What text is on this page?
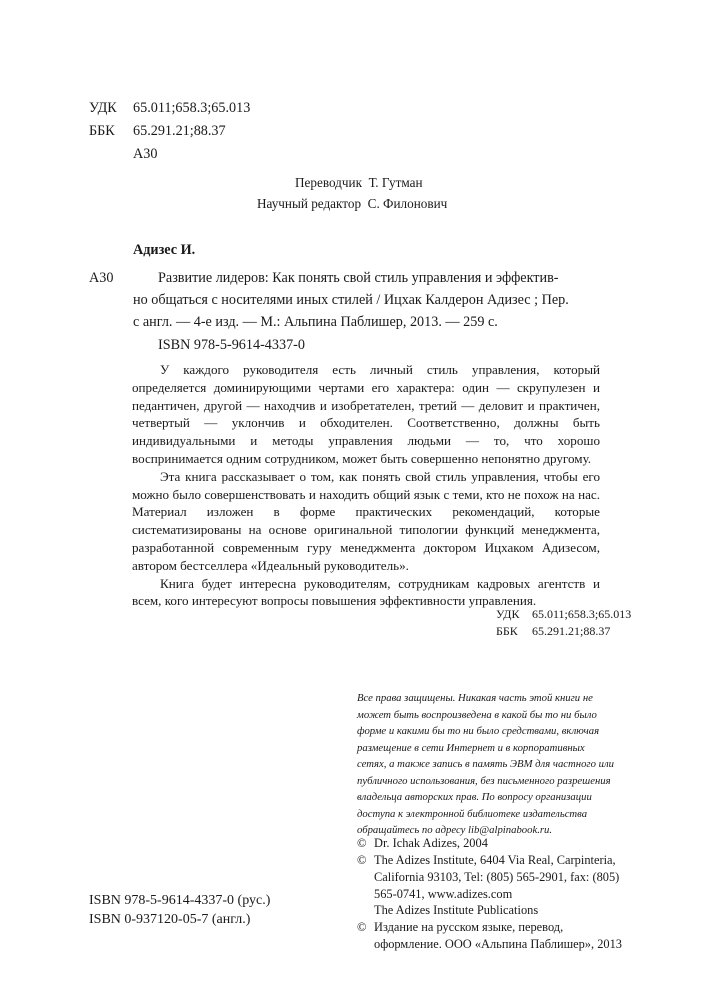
УДК 65.011;658.3;65.013
ББК 65.291.21;88.37
А30
Переводчик Т. Гутман
Научный редактор С. Филонович
Адизес И.
А30	Развитие лидеров: Как понять свой стиль управления и эффектив-
но общаться с носителями иных стилей / Ицхак Калдерон Адизес ; Пер.
с англ. — 4-е изд. — М.: Альпина Паблишер, 2013. — 259 с.
ISBN 978-5-9614-4337-0

У каждого руководителя есть личный стиль управления, который определяется доминирующими чертами его характера: один — скрупулезен и педантичен, другой — находчив и изобретателен, третий — деловит и практичен, четвертый — уклончив и обходителен. Соответственно, должны быть индивидуальными и методы управления людьми — то, что хорошо воспринимается одним сотрудником, может быть совершенно непонятно другому.

Эта книга рассказывает о том, как понять свой стиль управления, чтобы его можно было совершенствовать и находить общий язык с теми, кто не похож на нас. Материал изложен в форме практических рекомендаций, которые систематизированы на основе оригинальной типологии функций менеджмента, разработанной современным гуру менеджмента доктором Ицхаком Адизесом, автором бестселлера «Идеальный руководитель».

Книга будет интересна руководителям, сотрудникам кадровых агентств и всем, кого интересуют вопросы повышения эффективности управления.

УДК 65.011;658.3;65.013
ББК 65.291.21;88.37
Все права защищены. Никакая часть этой книги не может быть воспроизведена в какой бы то ни было форме и какими бы то ни было средствами, включая размещение в сети Интернет и в корпоративных сетях, а также запись в память ЭВМ для частного или публичного использования, без письменного разрешения владельца авторских прав. По вопросу организации доступа к электронной библиотеке издательства обращайтесь по адресу lib@alpinabook.ru.
© Dr. Ichak Adizes, 2004
© The Adizes Institute, 6404 Via Real, Carpinteria,
California 93103, Tel: (805) 565-2901, fax: (805)
565-0741, www.adizes.com
The Adizes Institute Publications
© Издание на русском языке, перевод,
оформление. ООО «Альпина Паблишер», 2013
ISBN 978-5-9614-4337-0 (рус.)
ISBN 0-937120-05-7 (англ.)
